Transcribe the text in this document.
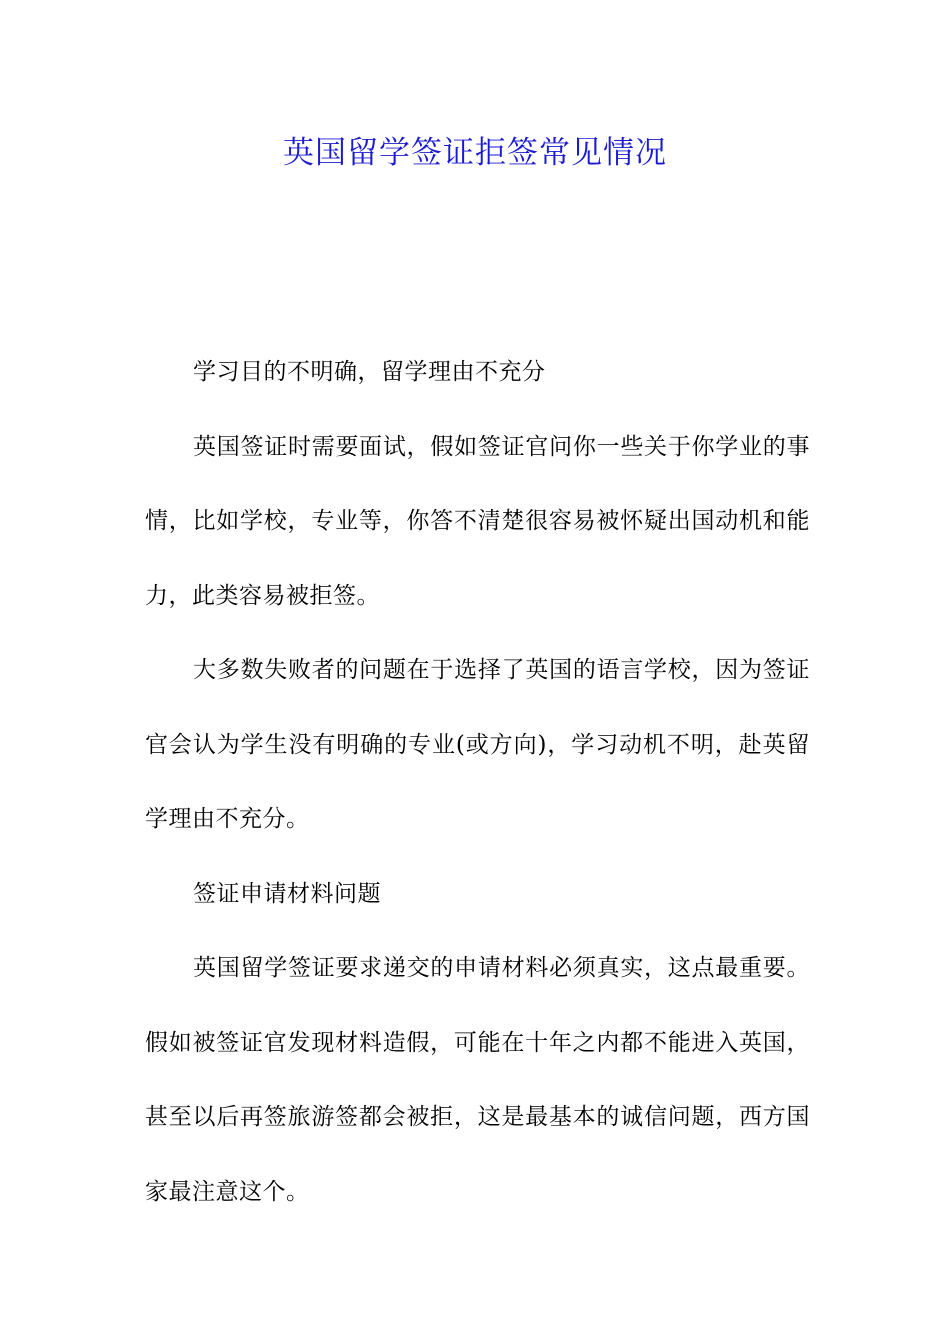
英国留学签证拒签常见情况

学习目的不明确，留学理由不充分

英国签证时需要面试，假如签证官问你一些关于你学业的事情，比如学校，专业等，你答不清楚很容易被怀疑出国动机和能力，此类容易被拒签。

大多数失败者的问题在于选择了英国的语言学校，因为签证官会认为学生没有明确的专业(或方向)，学习动机不明，赴英留学理由不充分。

签证申请材料问题

英国留学签证要求递交的申请材料必须真实，这点最重要。假如被签证官发现材料造假，可能在十年之内都不能进入英国，甚至以后再签旅游签都会被拒，这是最基本的诚信问题，西方国家最注意这个。
